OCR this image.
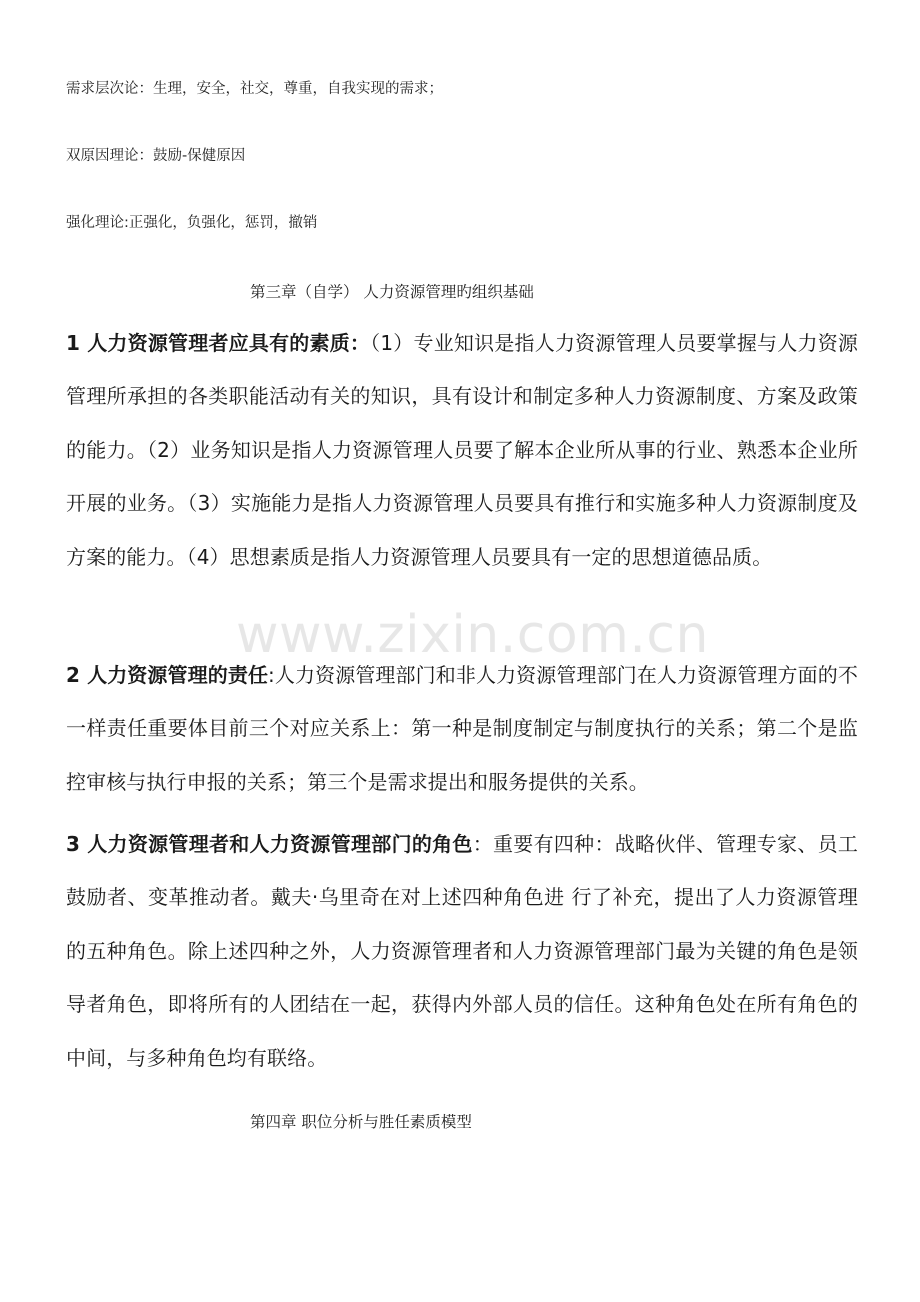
需求层次论：生理，安全，社交，尊重，自我实现的需求；
双原因理论：鼓励-保健原因
强化理论:正强化，负强化，惩罚，撤销
第三章（自学） 人力资源管理旳组织基础
1 人力资源管理者应具有的素质：（1）专业知识是指人力资源管理人员要掌握与人力资源管理所承担的各类职能活动有关的知识，具有设计和制定多种人力资源制度、方案及政策的能力。（2）业务知识是指人力资源管理人员要了解本企业所从事的行业、熟悉本企业所开展的业务。（3）实施能力是指人力资源管理人员要具有推行和实施多种人力资源制度及方案的能力。（4）思想素质是指人力资源管理人员要具有一定的思想道德品质。
www.zixin.com.cn
2 人力资源管理的责任:人力资源管理部门和非人力资源管理部门在人力资源管理方面的不一样责任重要体目前三个对应关系上：第一种是制度制定与制度执行的关系；第二个是监控审核与执行申报的关系；第三个是需求提出和服务提供的关系。
3 人力资源管理者和人力资源管理部门的角色：重要有四种：战略伙伴、管理专家、员工鼓励者、变革推动者。戴夫·乌里奇在对上述四种角色进 行了补充，提出了人力资源管理的五种角色。除上述四种之外，人力资源管理者和人力资源管理部门最为关键的角色是领导者角色，即将所有的人团结在一起，获得内外部人员的信任。这种角色处在所有角色的中间，与多种角色均有联络。
第四章 职位分析与胜任素质模型
